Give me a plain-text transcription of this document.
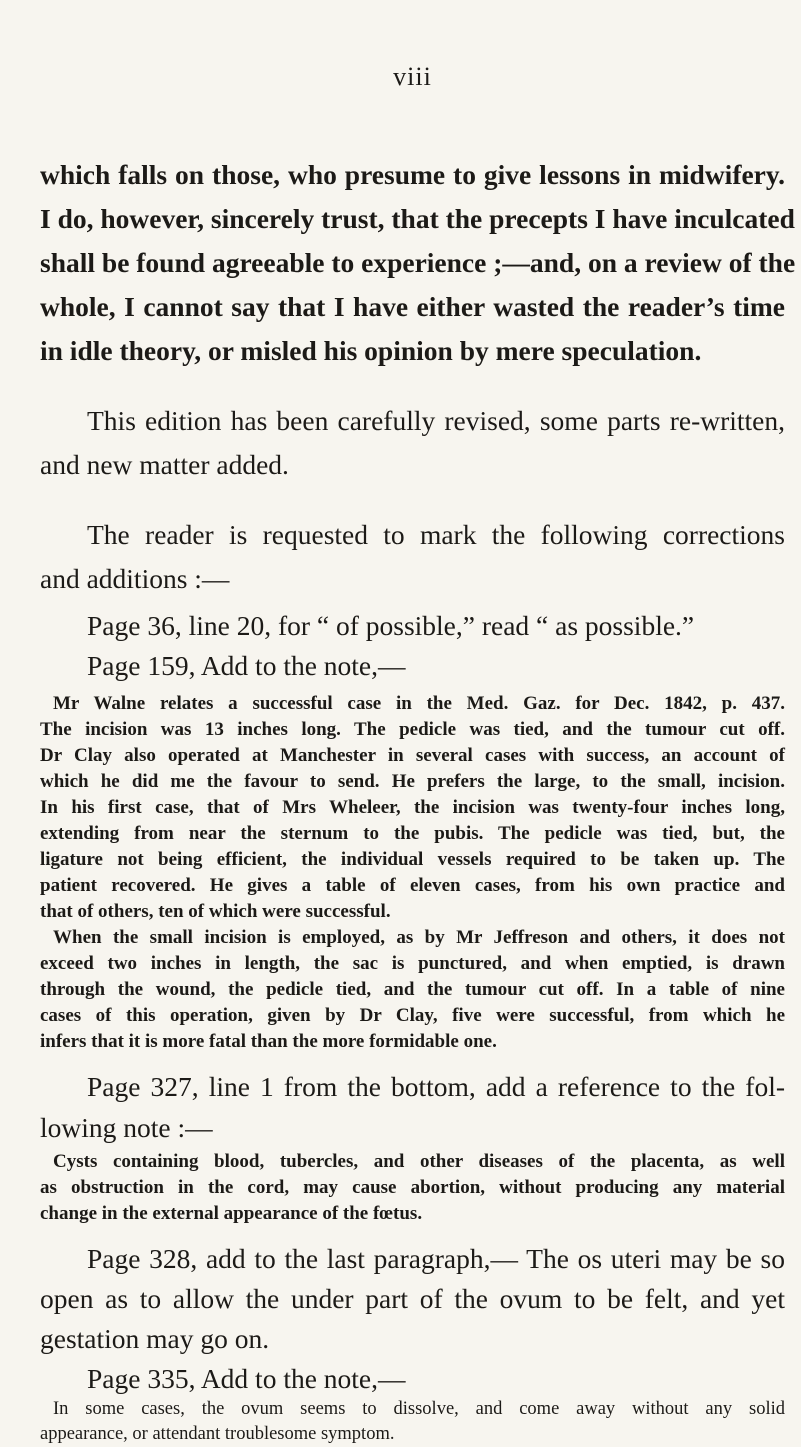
viii
which falls on those, who presume to give lessons in midwifery.
I do, however, sincerely trust, that the precepts I have inculcated
shall be found agreeable to experience ;—and, on a review of the
whole, I cannot say that I have either wasted the reader’s time
in idle theory, or misled his opinion by mere speculation.
This edition has been carefully revised, some parts re-written,
and new matter added.
The reader is requested to mark the following corrections
and additions :—
Page 36, line 20, for “ of possible,” read “ as possible.”
Page 159, Add to the note,—
Mr Walne relates a successful case in the Med. Gaz. for Dec. 1842, p. 437.
The incision was 13 inches long. The pedicle was tied, and the tumour cut off.
Dr Clay also operated at Manchester in several cases with success, an account of
which he did me the favour to send. He prefers the large, to the small, incision.
In his first case, that of Mrs Wheleer, the incision was twenty-four inches long,
extending from near the sternum to the pubis. The pedicle was tied, but, the
ligature not being efficient, the individual vessels required to be taken up. The
patient recovered. He gives a table of eleven cases, from his own practice and
that of others, ten of which were successful.
When the small incision is employed, as by Mr Jeffreson and others, it does not
exceed two inches in length, the sac is punctured, and when emptied, is drawn
through the wound, the pedicle tied, and the tumour cut off. In a table of nine
cases of this operation, given by Dr Clay, five were successful, from which he
infers that it is more fatal than the more formidable one.
Page 327, line 1 from the bottom, add a reference to the fol-
lowing note :—
Cysts containing blood, tubercles, and other diseases of the placenta, as well
as obstruction in the cord, may cause abortion, without producing any material
change in the external appearance of the fœtus.
Page 328, add to the last paragraph,— The os uteri may be so
open as to allow the under part of the ovum to be felt, and yet
gestation may go on.
Page 335, Add to the note,—
In some cases, the ovum seems to dissolve, and come away without any solid
appearance, or attendant troublesome symptom.
